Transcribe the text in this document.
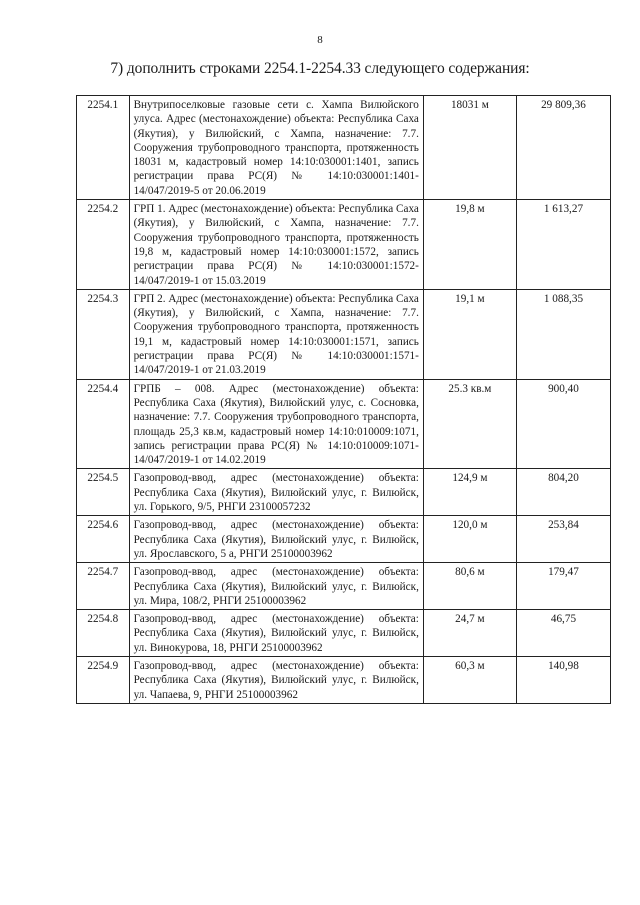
8
7) дополнить строками 2254.1-2254.33 следующего содержания:
2254.1	Внутрипоселковые газовые сети с. Хампа Вилюйского улуса. Адрес (местонахождение) объекта: Республика Саха (Якутия), у Вилюйский, с Хампа, назначение: 7.7. Сооружения трубопроводного транспорта, протяженность 18031 м, кадастровый номер 14:10:030001:1401, запись регистрации права РС(Я) № 14:10:030001:1401-14/047/2019-5 от 20.06.2019	18031 м	29 809,36
2254.2	ГРП 1. Адрес (местонахождение) объекта: Республика Саха (Якутия), у Вилюйский, с Хампа, назначение: 7.7. Сооружения трубопроводного транспорта, протяженность 19,8 м, кадастровый номер 14:10:030001:1572, запись регистрации права РС(Я) № 14:10:030001:1572-14/047/2019-1 от 15.03.2019	19,8 м	1 613,27
2254.3	ГРП 2. Адрес (местонахождение) объекта: Республика Саха (Якутия), у Вилюйский, с Хампа, назначение: 7.7. Сооружения трубопроводного транспорта, протяженность 19,1 м, кадастровый номер 14:10:030001:1571, запись регистрации права РС(Я) № 14:10:030001:1571-14/047/2019-1 от 21.03.2019	19,1 м	1 088,35
2254.4	ГРПБ – 008. Адрес (местонахождение) объекта: Республика Саха (Якутия), Вилюйский улус, с. Сосновка, назначение: 7.7. Сооружения трубопроводного транспорта, площадь 25,3 кв.м, кадастровый номер 14:10:010009:1071, запись регистрации права РС(Я) № 14:10:010009:1071-14/047/2019-1 от 14.02.2019	25.3 кв.м	900,40
2254.5	Газопровод-ввод, адрес (местонахождение) объекта: Республика Саха (Якутия), Вилюйский улус, г. Вилюйск, ул. Горького, 9/5, РНГИ 23100057232	124,9 м	804,20
2254.6	Газопровод-ввод, адрес (местонахождение) объекта: Республика Саха (Якутия), Вилюйский улус, г. Вилюйск, ул. Ярославского, 5 а, РНГИ 25100003962	120,0 м	253,84
2254.7	Газопровод-ввод, адрес (местонахождение) объекта: Республика Саха (Якутия), Вилюйский улус, г. Вилюйск, ул. Мира, 108/2, РНГИ 25100003962	80,6 м	179,47
2254.8	Газопровод-ввод, адрес (местонахождение) объекта: Республика Саха (Якутия), Вилюйский улус, г. Вилюйск, ул. Винокурова, 18, РНГИ 25100003962	24,7 м	46,75
2254.9	Газопровод-ввод, адрес (местонахождение) объекта: Республика Саха (Якутия), Вилюйский улус, г. Вилюйск, ул. Чапаева, 9, РНГИ 25100003962	60,3 м	140,98
